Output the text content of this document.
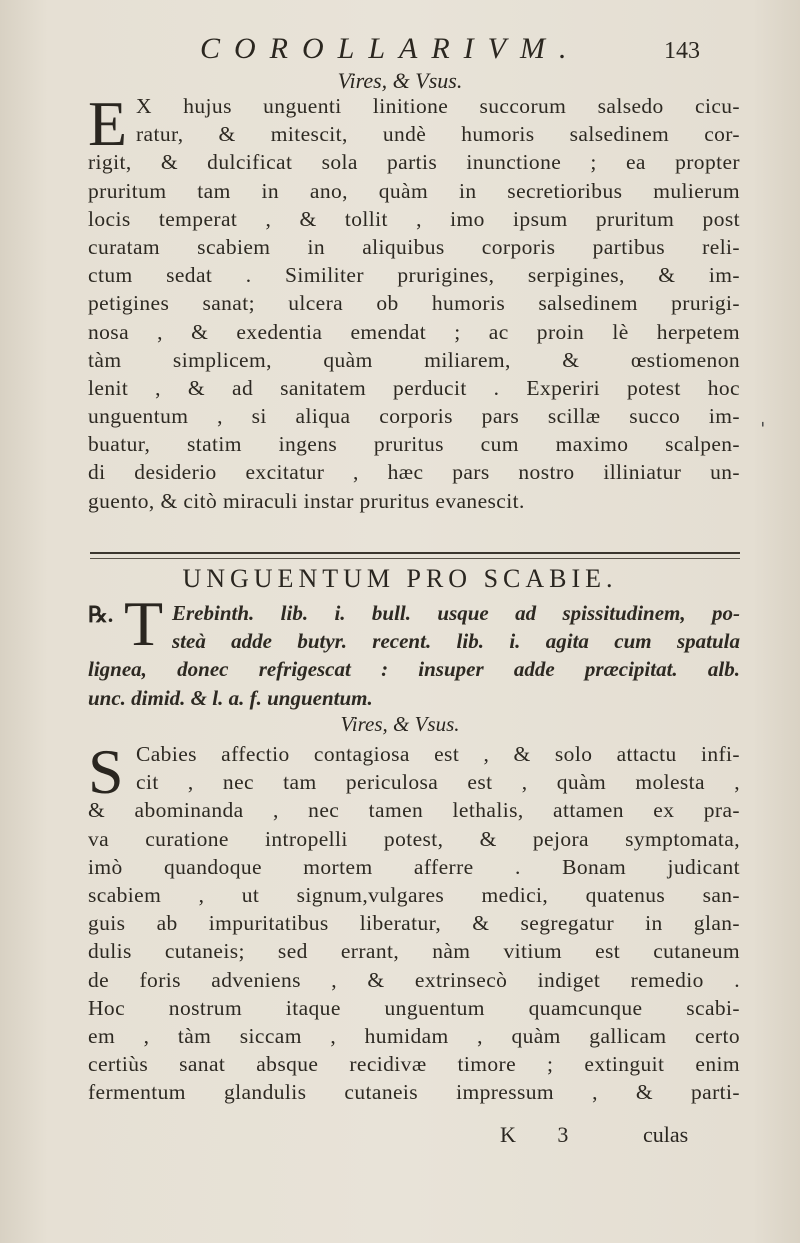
COROLLARIVM.	143
Vires, & Vsus.
E X hujus unguenti linitione succorum salsedo cicu-
ratur, & mitescit, undè humoris salsedinem cor-
rigit, & dulcificat sola partis inunctione ; ea propter
pruritum tam in ano, quàm in secretioribus mulierum
locis temperat , & tollit , imo ipsum pruritum post
curatam scabiem in aliquibus corporis partibus reli-
ctum sedat . Similiter prurigines, serpigines, & im-
petigines sanat; ulcera ob humoris salsedinem prurigi-
nosa , & exedentia emendat ; ac proin lè herpetem
tàm simplicem, quàm miliarem, & œstiomenon
lenit , & ad sanitatem perducit . Experiri potest hoc
unguentum , si aliqua corporis pars scillæ succo im-
buatur, statim ingens pruritus cum maximo scalpen-
di desiderio excitatur , hæc pars nostro illiniatur un-
guento, & citò miraculi instar pruritus evanescit.
ˈ
UNGUENTUM PRO SCABIE.
℞. T Erebinth. lib. i. bull. usque ad spissitudinem, po-
steà adde butyr. recent. lib. i. agita cum spatula
lignea, donec refrigescat : insuper adde præcipitat. alb.
unc. dimid. & l. a. f. unguentum.
Vires, & Vsus.
S Cabies affectio contagiosa est , & solo attactu infi-
cit , nec tam periculosa est , quàm molesta ,
& abominanda , nec tamen lethalis, attamen ex pra-
va curatione intropelli potest, & pejora symptomata,
imò quandoque mortem afferre . Bonam judicant
scabiem , ut signum,vulgares medici, quatenus san-
guis ab impuritatibus liberatur, & segregatur in glan-
dulis cutaneis; sed errant, nàm vitium est cutaneum
de foris adveniens , & extrinsecò indiget remedio .
Hoc nostrum itaque unguentum quamcunque scabi-
em , tàm siccam , humidam , quàm gallicam certo
certiùs sanat absque recidivæ timore ; extinguit enim
fermentum glandulis cutaneis impressum , & parti-
K 3	culas
